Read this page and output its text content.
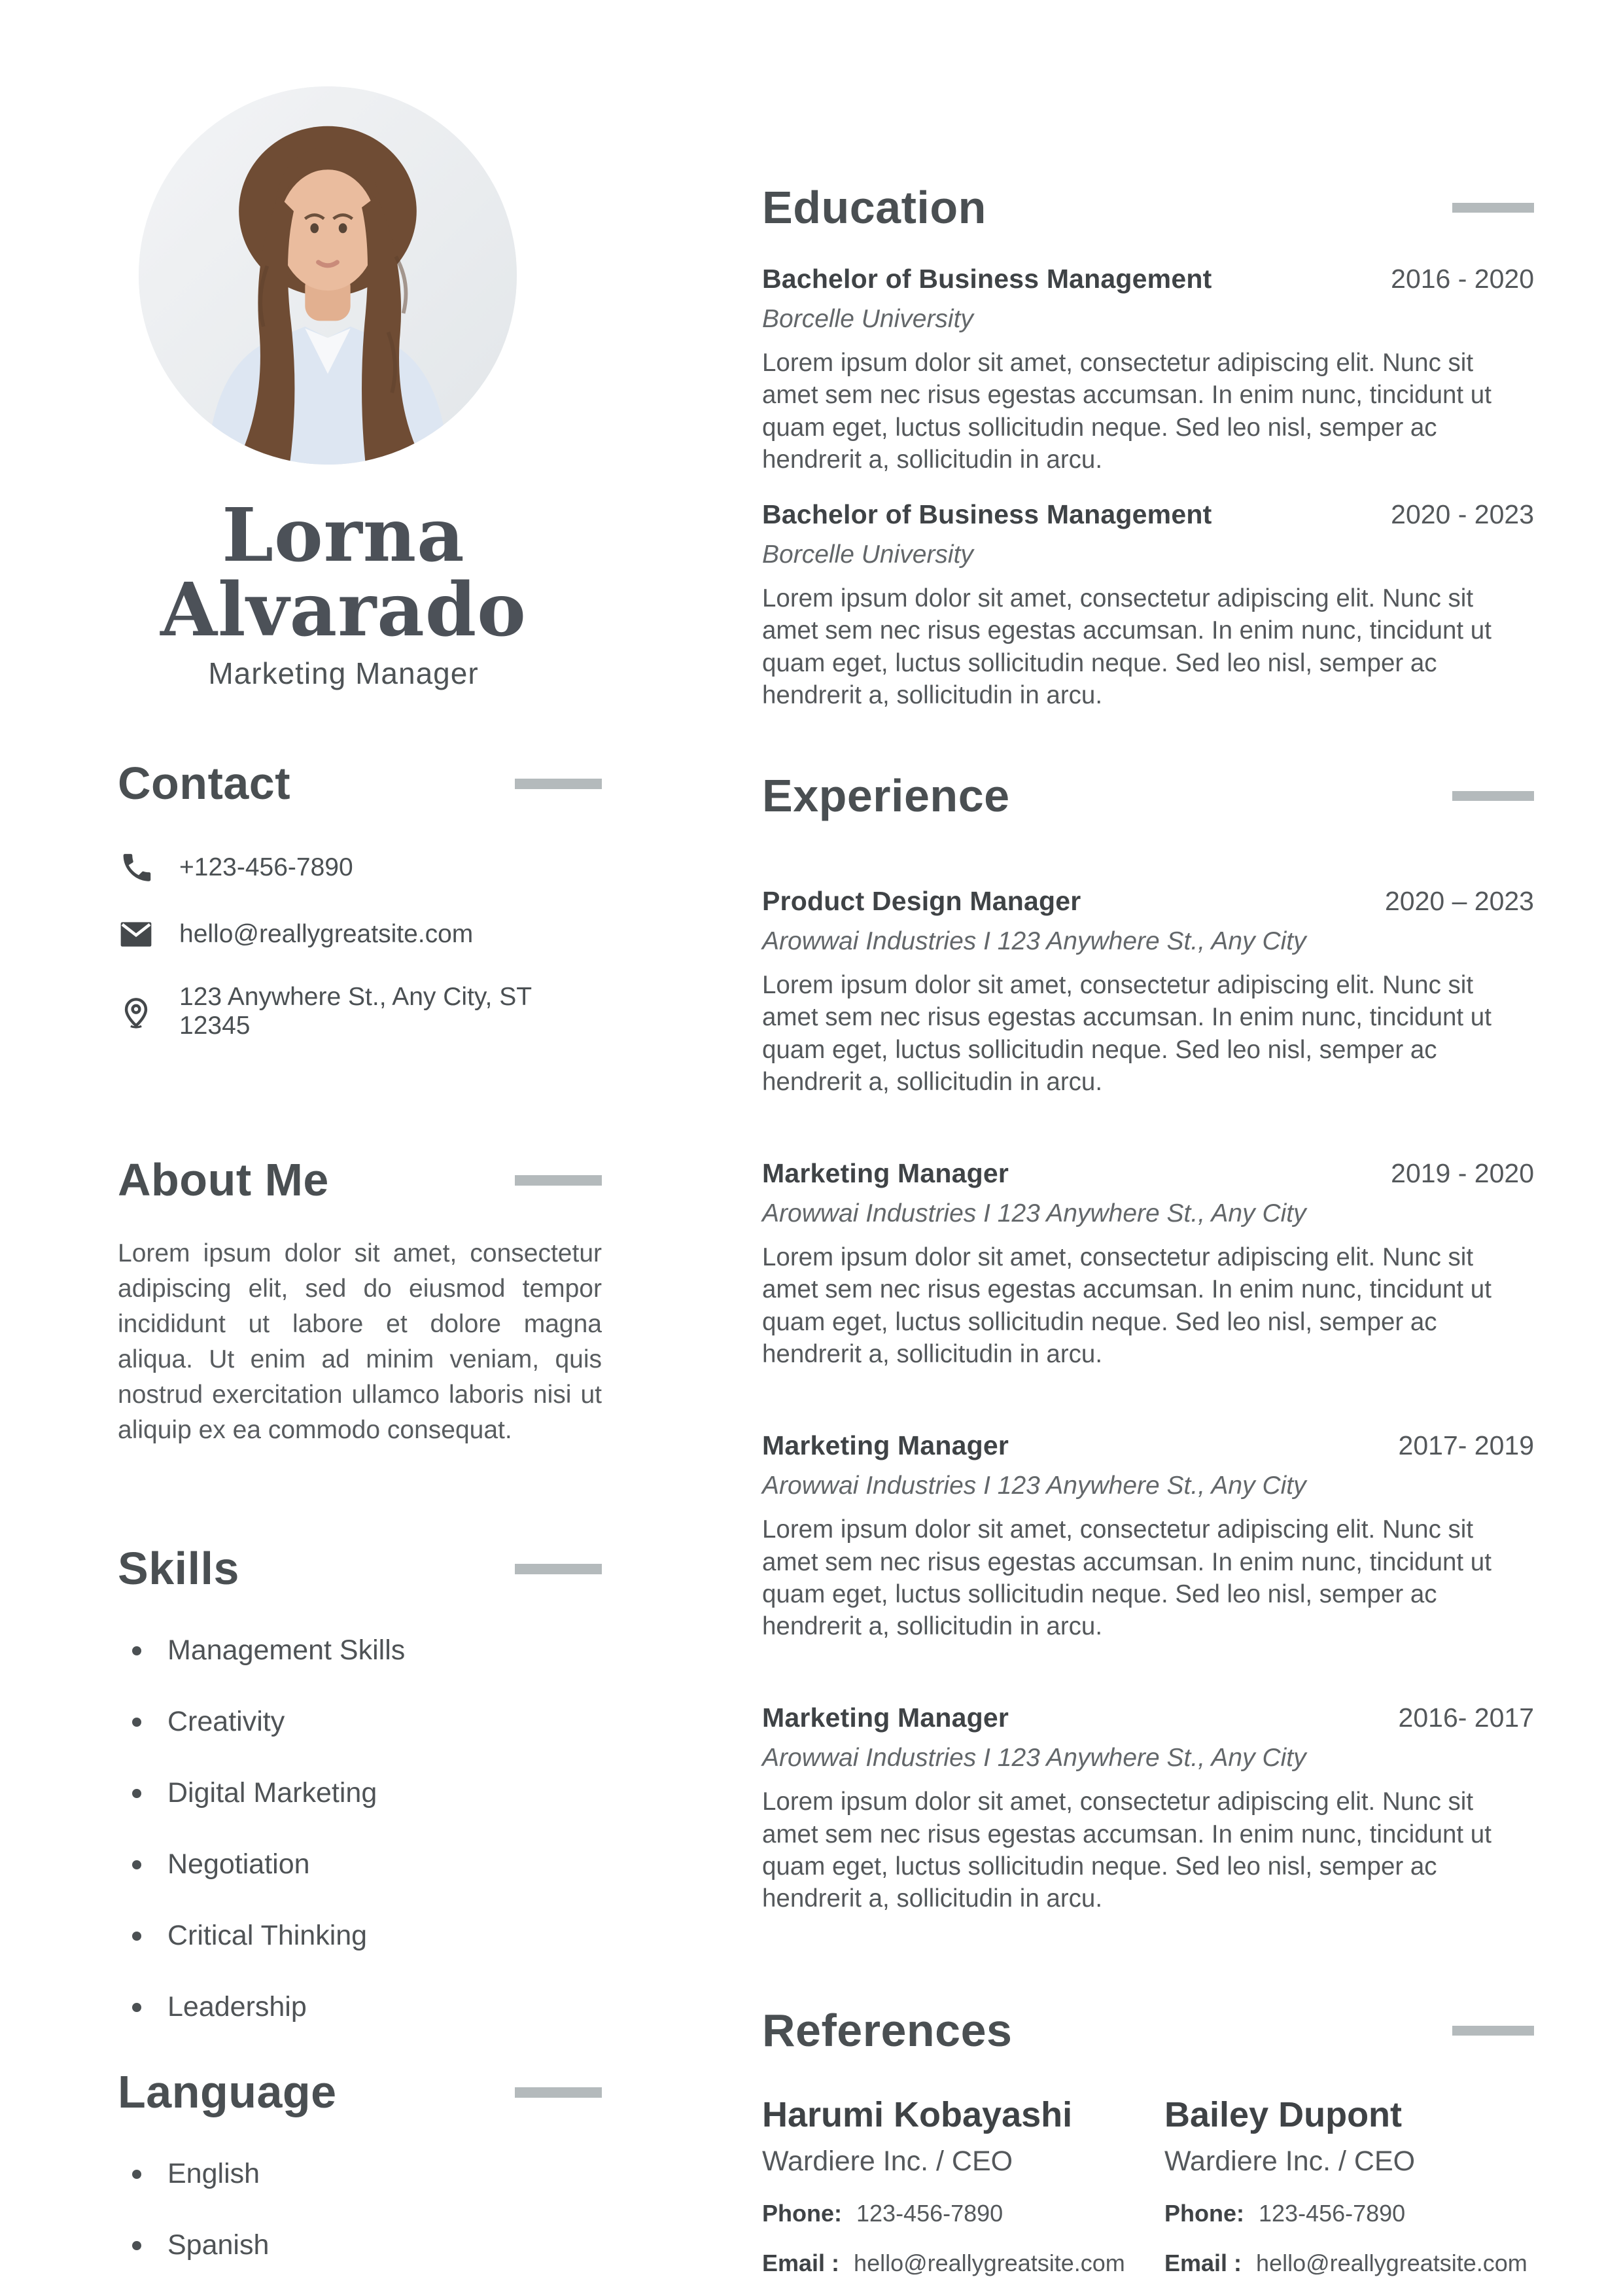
Lorna
Alvarado
Marketing Manager
Contact
+123-456-7890
hello@reallygreatsite.com
123 Anywhere St., Any City, ST 12345
About Me
Lorem ipsum dolor sit amet, consectetur adipiscing elit, sed do eiusmod tempor incididunt ut labore et dolore magna aliqua. Ut enim ad minim veniam, quis nostrud exercitation ullamco laboris nisi ut aliquip ex ea commodo consequat.
Skills
Management Skills
Creativity
Digital Marketing
Negotiation
Critical Thinking
Leadership
Language
English
Spanish
Education
Bachelor of Business Management	2016 - 2020
Borcelle University
Lorem ipsum dolor sit amet, consectetur adipiscing elit. Nunc sit amet sem nec risus egestas accumsan. In enim nunc, tincidunt ut quam eget, luctus sollicitudin neque. Sed leo nisl, semper ac hendrerit a, sollicitudin in arcu.
Bachelor of Business Management	2020 - 2023
Borcelle University
Lorem ipsum dolor sit amet, consectetur adipiscing elit. Nunc sit amet sem nec risus egestas accumsan. In enim nunc, tincidunt ut quam eget, luctus sollicitudin neque. Sed leo nisl, semper ac hendrerit a, sollicitudin in arcu.
Experience
Product Design Manager	2020 – 2023
Arowwai Industries I 123 Anywhere St., Any City
Lorem ipsum dolor sit amet, consectetur adipiscing elit. Nunc sit amet sem nec risus egestas accumsan. In enim nunc, tincidunt ut quam eget, luctus sollicitudin neque. Sed leo nisl, semper ac hendrerit a, sollicitudin in arcu.
Marketing Manager	2019 - 2020
Arowwai Industries I 123 Anywhere St., Any City
Lorem ipsum dolor sit amet, consectetur adipiscing elit. Nunc sit amet sem nec risus egestas accumsan. In enim nunc, tincidunt ut quam eget, luctus sollicitudin neque. Sed leo nisl, semper ac hendrerit a, sollicitudin in arcu.
Marketing Manager	2017- 2019
Arowwai Industries I 123 Anywhere St., Any City
Lorem ipsum dolor sit amet, consectetur adipiscing elit. Nunc sit amet sem nec risus egestas accumsan. In enim nunc, tincidunt ut quam eget, luctus sollicitudin neque. Sed leo nisl, semper ac hendrerit a, sollicitudin in arcu.
Marketing Manager	2016- 2017
Arowwai Industries I 123 Anywhere St., Any City
Lorem ipsum dolor sit amet, consectetur adipiscing elit. Nunc sit amet sem nec risus egestas accumsan. In enim nunc, tincidunt ut quam eget, luctus sollicitudin neque. Sed leo nisl, semper ac hendrerit a, sollicitudin in arcu.
References
Harumi Kobayashi
Wardiere Inc. / CEO
Phone: 123-456-7890
Email : hello@reallygreatsite.com
Bailey Dupont
Wardiere Inc. / CEO
Phone: 123-456-7890
Email : hello@reallygreatsite.com
